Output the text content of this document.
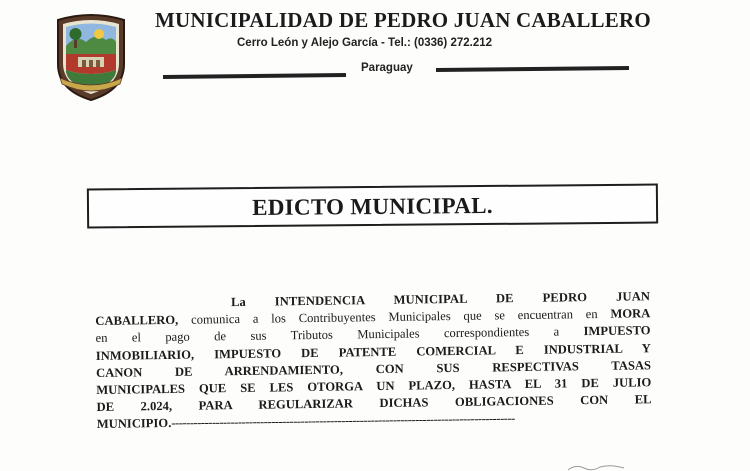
MUNICIPALIDAD DE PEDRO JUAN CABALLERO
Cerro León y Alejo García - Tel.: (0336) 272.212
Paraguay
EDICTO MUNICIPAL.
La INTENDENCIA MUNICIPAL DE PEDRO JUAN
CABALLERO, comunica a los Contribuyentes Municipales que se encuentran en MORA
en el pago de sus Tributos Municipales correspondientes a IMPUESTO
INMOBILIARIO, IMPUESTO DE PATENTE COMERCIAL E INDUSTRIAL Y
CANON DE ARRENDAMIENTO, CON SUS RESPECTIVAS TASAS
MUNICIPALES QUE SE LES OTORGA UN PLAZO, HASTA EL 31 DE JULIO
DE 2.024, PARA REGULARIZAR DICHAS OBLIGACIONES CON EL
MUNICIPIO.---------------------------------------------------------------------------------------------
